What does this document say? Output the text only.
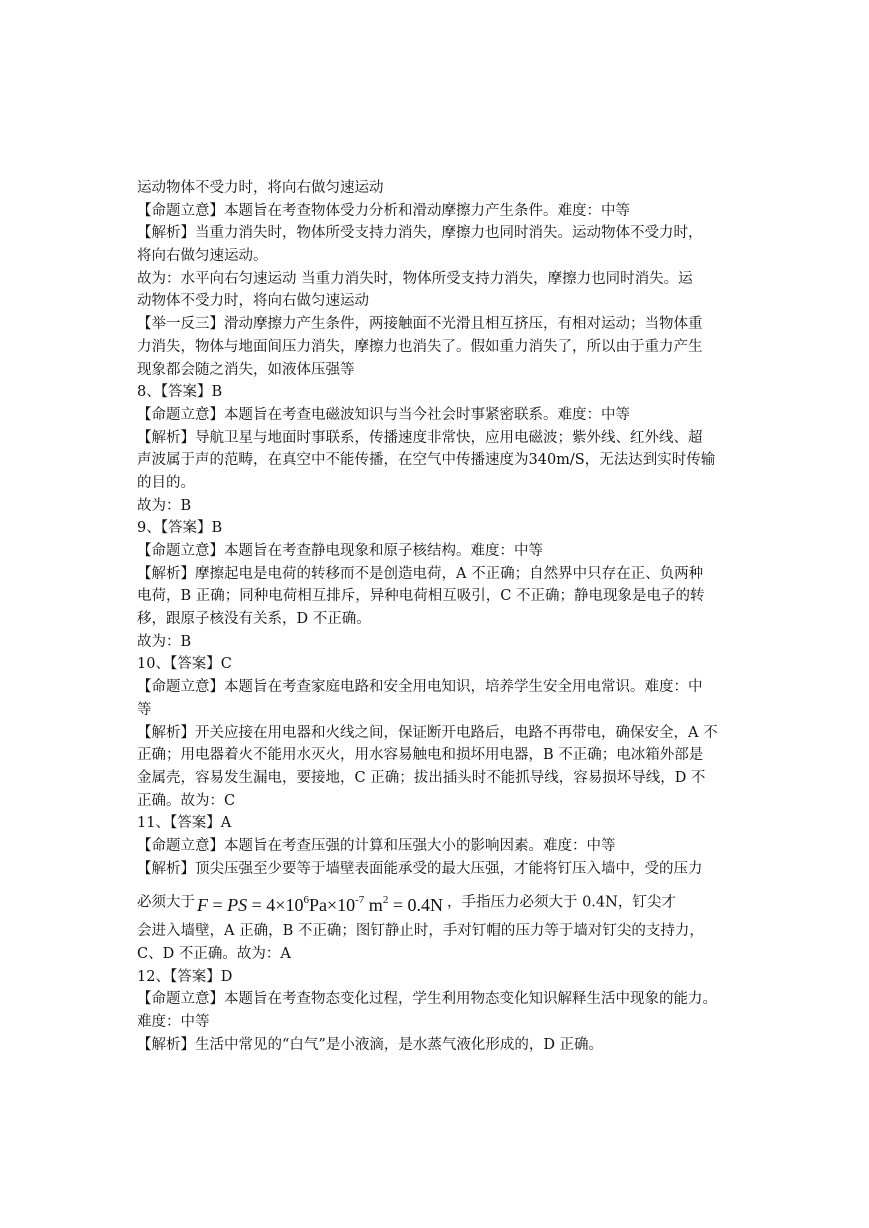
运动物体不受力时，将向右做匀速运动
【命题立意】本题旨在考查物体受力分析和滑动摩擦力产生条件。难度：中等
【解析】当重力消失时，物体所受支持力消失，摩擦力也同时消失。运动物体不受力时，
将向右做匀速运动。
故为：水平向右匀速运动 当重力消失时，物体所受支持力消失，摩擦力也同时消失。运
动物体不受力时，将向右做匀速运动
【举一反三】滑动摩擦力产生条件，两接触面不光滑且相互挤压，有相对运动；当物体重
力消失，物体与地面间压力消失，摩擦力也消失了。假如重力消失了，所以由于重力产生
现象都会随之消失，如液体压强等
8、【答案】B
【命题立意】本题旨在考查电磁波知识与当今社会时事紧密联系。难度：中等
【解析】导航卫星与地面时事联系，传播速度非常快，应用电磁波；紫外线、红外线、超
声波属于声的范畴，在真空中不能传播，在空气中传播速度为340m/S，无法达到实时传输
的目的。
故为：B
9、【答案】B
【命题立意】本题旨在考查静电现象和原子核结构。难度：中等
【解析】摩擦起电是电荷的转移而不是创造电荷，A 不正确；自然界中只存在正、负两种
电荷，B 正确；同种电荷相互排斥，异种电荷相互吸引，C 不正确；静电现象是电子的转
移，跟原子核没有关系，D 不正确。
故为：B
10、【答案】C
【命题立意】本题旨在考查家庭电路和安全用电知识，培养学生安全用电常识。难度：中
等
【解析】开关应接在用电器和火线之间，保证断开电路后，电路不再带电，确保安全，A 不
正确；用电器着火不能用水灭火，用水容易触电和损坏用电器，B 不正确；电冰箱外部是
金属壳，容易发生漏电，要接地，C 正确；拔出插头时不能抓导线，容易损坏导线，D 不
正确。故为：C
11、【答案】A
【命题立意】本题旨在考查压强的计算和压强大小的影响因素。难度：中等
【解析】顶尖压强至少要等于墙壁表面能承受的最大压强，才能将钉压入墙中，受的压力
必须大于 F = PS = $4\times 10^6Pa\times 10^{-7}$ $m^2 = 0.4N$ ，手指压力必须大于 0.4N，钉尖才
会进入墙壁，A 正确，B 不正确；图钉静止时，手对钉帽的压力等于墙对钉尖的支持力，
C、D 不正确。故为：A
12、【答案】D
【命题立意】本题旨在考查物态变化过程，学生利用物态变化知识解释生活中现象的能力。
难度：中等
【解析】生活中常见的“白气”是小液滴，是水蒸气液化形成的，D 正确。
